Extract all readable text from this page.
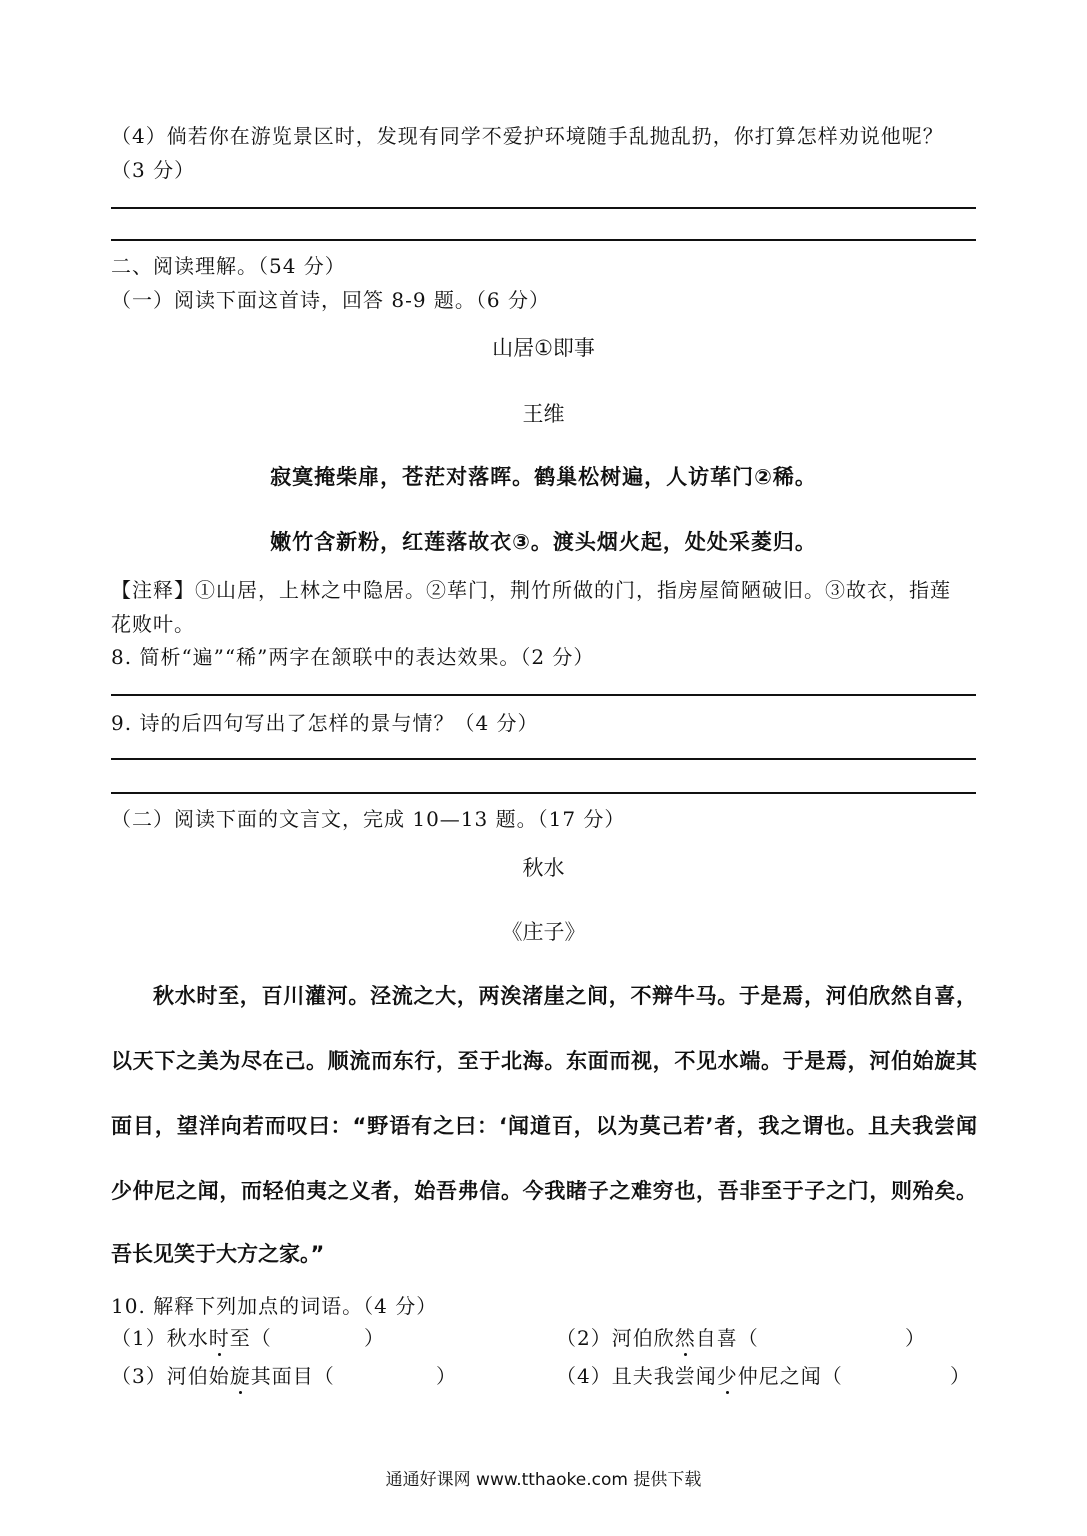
（4）倘若你在游览景区时，发现有同学不爱护环境随手乱抛乱扔，你打算怎样劝说他呢？
（3 分）
二、阅读理解。（54 分）
（一）阅读下面这首诗，回答 8-9 题。（6 分）
山居①即事
王维
寂寞掩柴扉，苍茫对落晖。鹤巢松树遍，人访荜门②稀。
嫩竹含新粉，红莲落故衣③。渡头烟火起，处处采菱归。
【注释】①山居，上林之中隐居。②荜门，荆竹所做的门，指房屋简陋破旧。③故衣，指莲
花败叶。
8. 简析“遍”“稀”两字在颔联中的表达效果。（2 分）
9. 诗的后四句写出了怎样的景与情？（4 分）
（二）阅读下面的文言文，完成 10—13 题。（17 分）
秋水
《庄子》
秋水时至，百川灌河。泾流之大，两涘渚崖之间，不辩牛马。于是焉，河伯欣然自喜，
以天下之美为尽在己。顺流而东行，至于北海。东面而视，不见水端。于是焉，河伯始旋其
面目，望洋向若而叹曰：“野语有之曰：‘闻道百，以为莫己若’者，我之谓也。且夫我尝闻
少仲尼之闻，而轻伯夷之义者，始吾弗信。今我睹子之难穷也，吾非至于子之门，则殆矣。
吾长见笑于大方之家。”
10. 解释下列加点的词语。（4 分）
（1）秋水时至（	）	（2）河伯欣然自喜（	）
（3）河伯始旋其面目（	）	（4）且夫我尝闻少仲尼之闻（	）
通通好课网 www.tthaoke.com 提供下载
